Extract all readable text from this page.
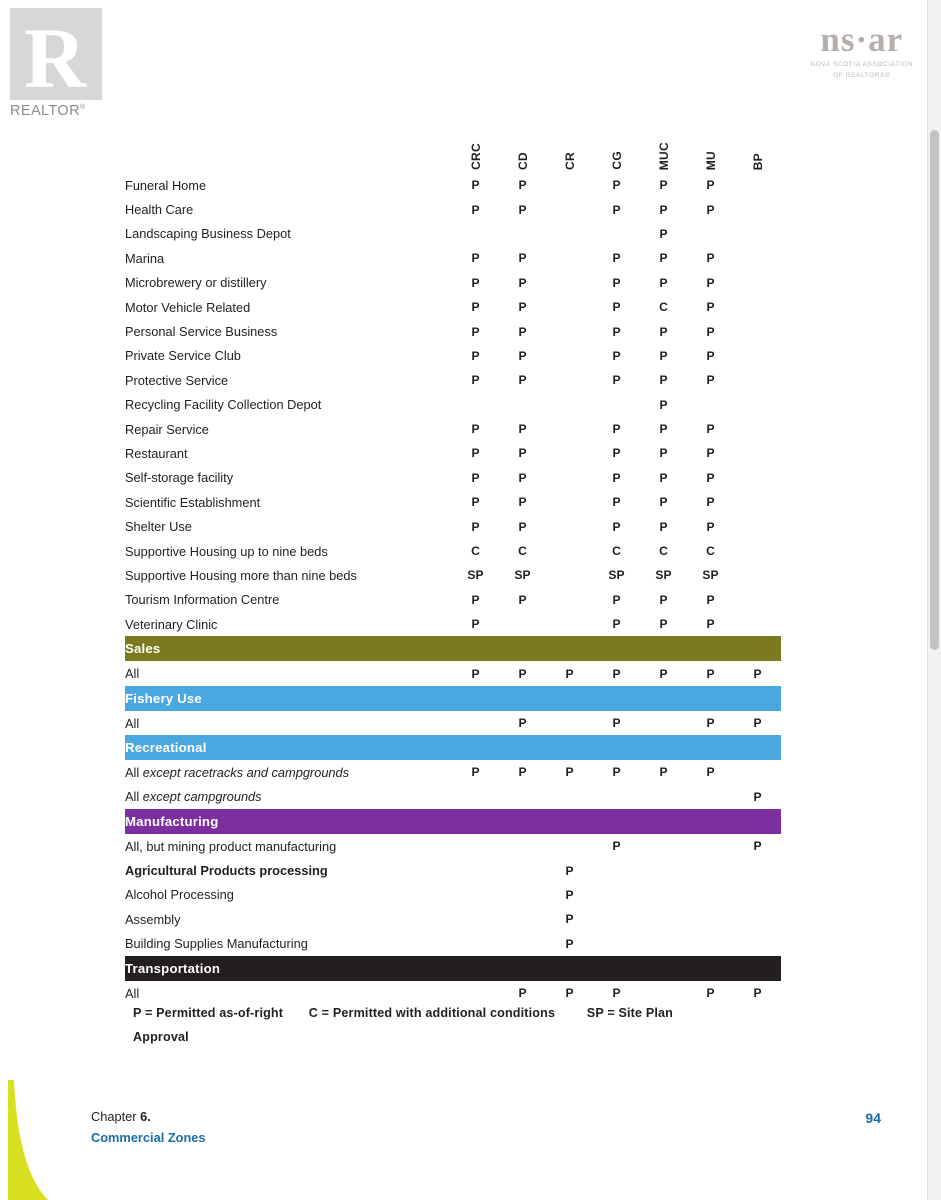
R
REALTOR®
ns·ar
NOVA SCOTIA ASSOCIATION
OF REALTORS®
	CRC	CD	CR	CG	MUC	MU	BP
Funeral Home	P	P		P	P	P	
Health Care	P	P		P	P	P	
Landscaping Business Depot					P		
Marina	P	P		P	P	P	
Microbrewery or distillery	P	P		P	P	P	
Motor Vehicle Related	P	P		P	C	P	
Personal Service Business	P	P		P	P	P	
Private Service Club	P	P		P	P	P	
Protective Service	P	P		P	P	P	
Recycling Facility Collection Depot					P		
Repair Service	P	P		P	P	P	
Restaurant	P	P		P	P	P	
Self-storage facility	P	P		P	P	P	
Scientific Establishment	P	P		P	P	P	
Shelter Use	P	P		P	P	P	
Supportive Housing up to nine beds	C	C		C	C	C	
Supportive Housing more than nine beds	SP	SP		SP	SP	SP	
Tourism Information Centre	P	P		P	P	P	
Veterinary Clinic	P			P	P	P	
Sales							
All	P	P	P	P	P	P	P
Fishery Use							
All		P		P		P	P
Recreational							
All except racetracks and campgrounds	P	P	P	P	P	P	
All except campgrounds							P
Manufacturing							
All, but mining product manufacturing				P			P
Agricultural Products processing			P				
Alcohol Processing			P				
Assembly			P				
Building Supplies Manufacturing			P				
Transportation							
All		P	P	P		P	P
P = Permitted as-of-right C = Permitted with additional conditions	SP = Site Plan
Approval
Chapter 6.
Commercial Zones
94
